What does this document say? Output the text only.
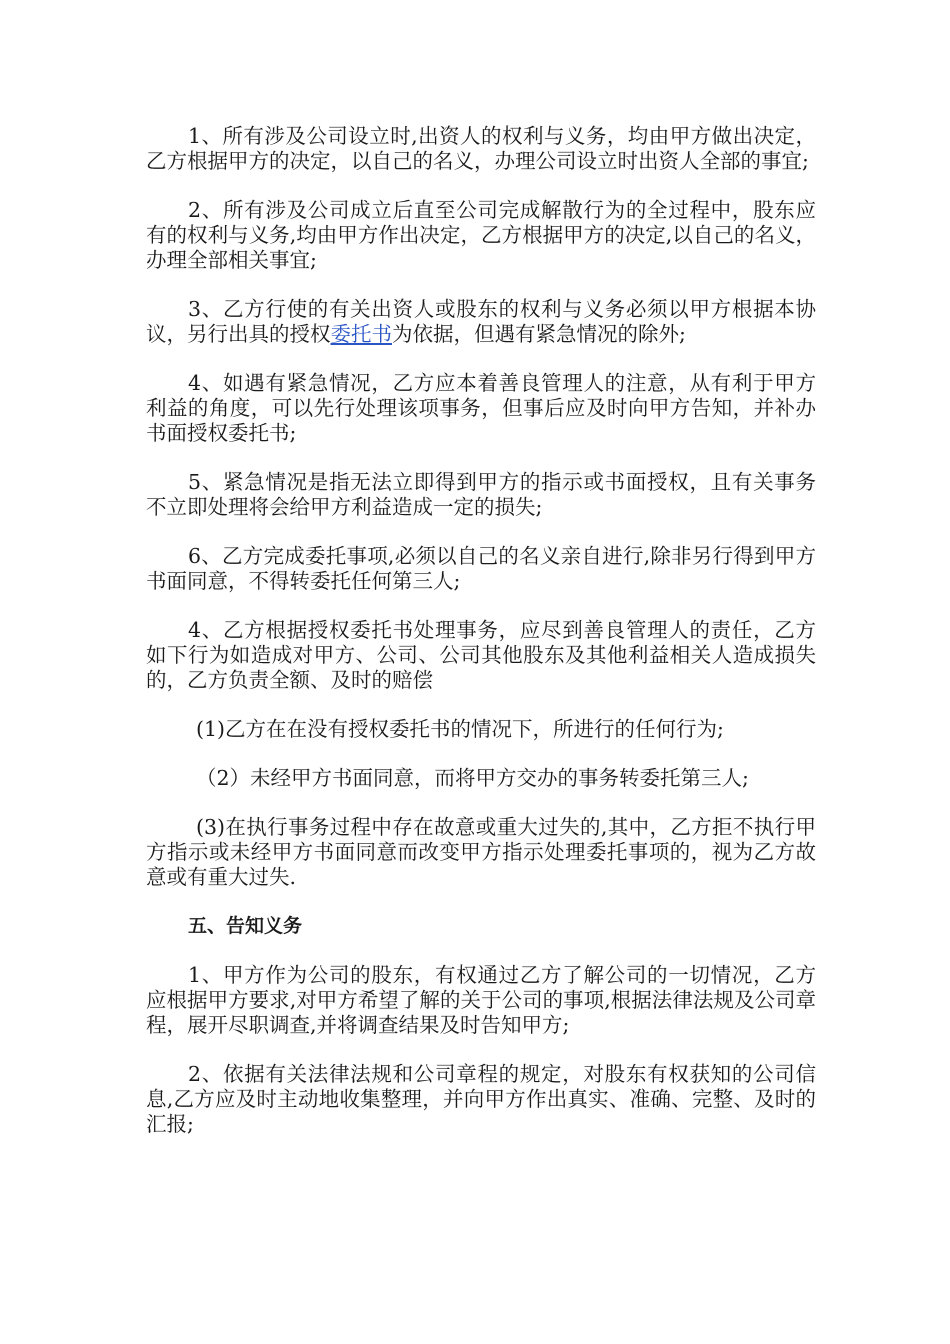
1、所有涉及公司设立时,出资人的权利与义务，均由甲方做出决定，乙方根据甲方的决定，以自己的名义，办理公司设立时出资人全部的事宜;

2、所有涉及公司成立后直至公司完成解散行为的全过程中，股东应有的权利与义务,均由甲方作出决定，乙方根据甲方的决定,以自己的名义，办理全部相关事宜;

3、乙方行使的有关出资人或股东的权利与义务必须以甲方根据本协议，另行出具的授权委托书为依据，但遇有紧急情况的除外;

4、如遇有紧急情况，乙方应本着善良管理人的注意，从有利于甲方利益的角度，可以先行处理该项事务，但事后应及时向甲方告知，并补办书面授权委托书;

5、紧急情况是指无法立即得到甲方的指示或书面授权，且有关事务不立即处理将会给甲方利益造成一定的损失;

6、乙方完成委托事项,必须以自己的名义亲自进行,除非另行得到甲方书面同意，不得转委托任何第三人;

4、乙方根据授权委托书处理事务，应尽到善良管理人的责任，乙方如下行为如造成对甲方、公司、公司其他股东及其他利益相关人造成损失的，乙方负责全额、及时的赔偿

(1)乙方在在没有授权委托书的情况下，所进行的任何行为;

（2）未经甲方书面同意，而将甲方交办的事务转委托第三人;

(3)在执行事务过程中存在故意或重大过失的,其中，乙方拒不执行甲方指示或未经甲方书面同意而改变甲方指示处理委托事项的，视为乙方故意或有重大过失.

五、告知义务

1、甲方作为公司的股东，有权通过乙方了解公司的一切情况，乙方应根据甲方要求,对甲方希望了解的关于公司的事项,根据法律法规及公司章程，展开尽职调查,并将调查结果及时告知甲方;

2、依据有关法律法规和公司章程的规定，对股东有权获知的公司信息,乙方应及时主动地收集整理，并向甲方作出真实、准确、完整、及时的汇报;
